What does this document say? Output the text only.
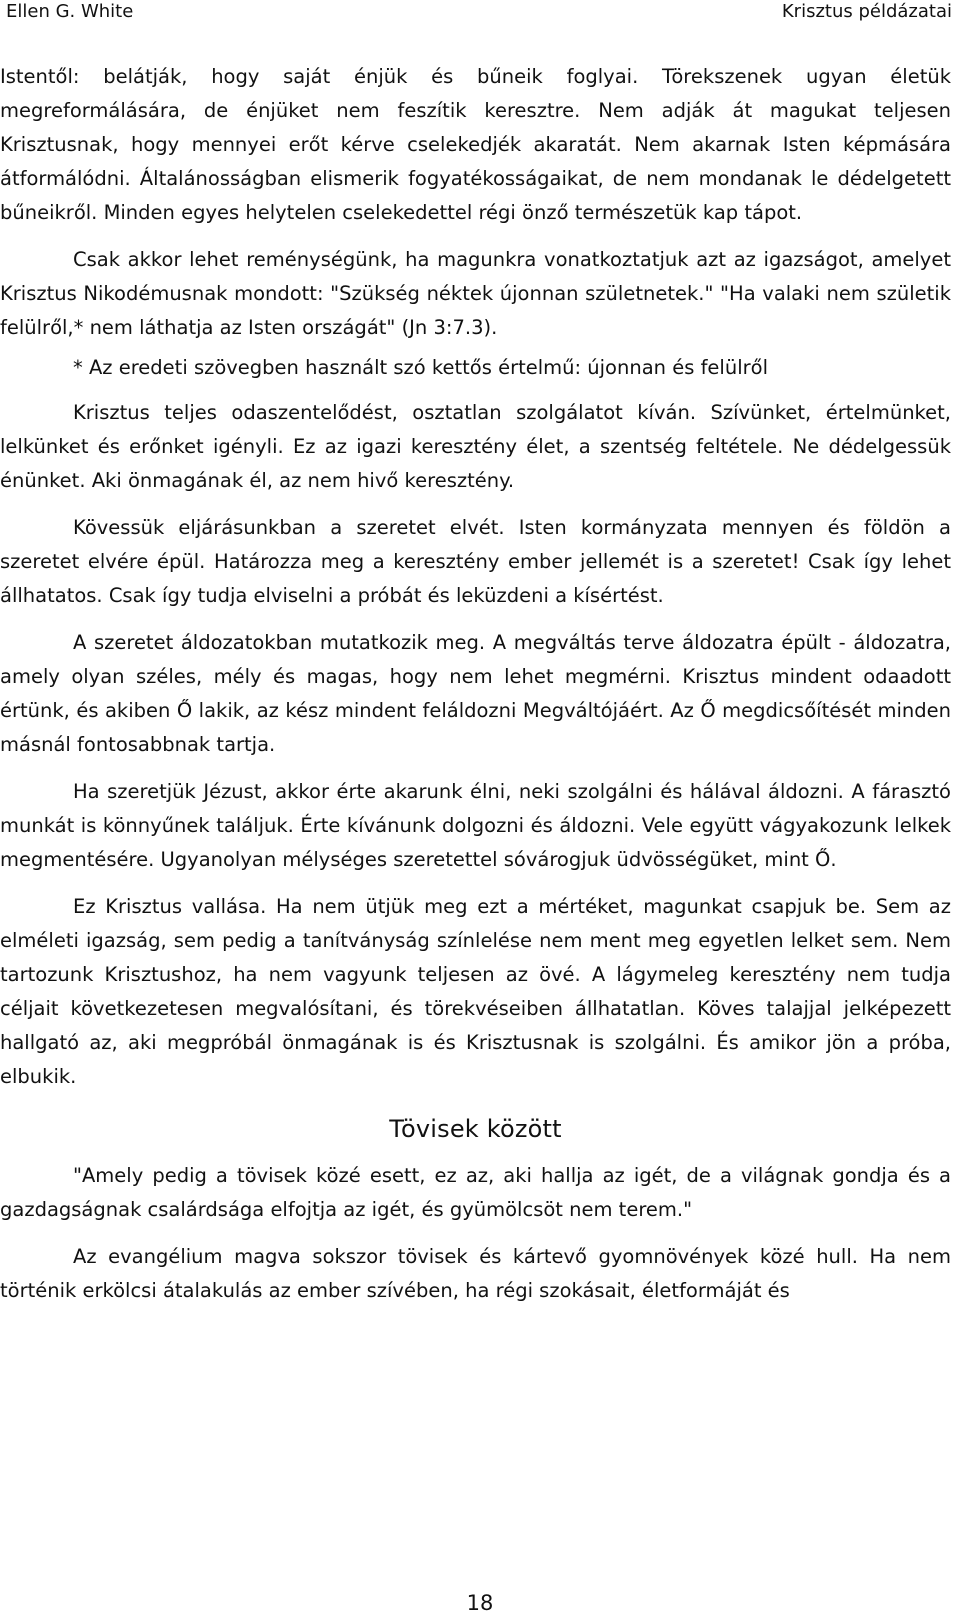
Ellen G. White	Krisztus példázatai

Istentől: belátják, hogy saját énjük és bűneik foglyai. Törekszenek ugyan életük megreformálására, de énjüket nem feszítik keresztre. Nem adják át magukat teljesen Krisztusnak, hogy mennyei erőt kérve cselekedjék akaratát. Nem akarnak Isten képmására átformálódni. Általánosságban elismerik fogyatékosságaikat, de nem mondanak le dédelgetett bűneikről. Minden egyes helytelen cselekedettel régi önző természetük kap tápot.

Csak akkor lehet reménységünk, ha magunkra vonatkoztatjuk azt az igazságot, amelyet Krisztus Nikodémusnak mondott: "Szükség néktek újonnan születnetek." "Ha valaki nem születik felülről,* nem láthatja az Isten országát" (Jn 3:7.3).

* Az eredeti szövegben használt szó kettős értelmű: újonnan és felülről

Krisztus teljes odaszentelődést, osztatlan szolgálatot kíván. Szívünket, értelmünket, lelkünket és erőnket igényli. Ez az igazi keresztény élet, a szentség feltétele. Ne dédelgessük énünket. Aki önmagának él, az nem hivő keresztény.

Kövessük eljárásunkban a szeretet elvét. Isten kormányzata mennyen és földön a szeretet elvére épül. Határozza meg a keresztény ember jellemét is a szeretet! Csak így lehet állhatatos. Csak így tudja elviselni a próbát és leküzdeni a kísértést.

A szeretet áldozatokban mutatkozik meg. A megváltás terve áldozatra épült - áldozatra, amely olyan széles, mély és magas, hogy nem lehet megmérni. Krisztus mindent odaadott értünk, és akiben Ő lakik, az kész mindent feláldozni Megváltójáért. Az Ő megdicsőítését minden másnál fontosabbnak tartja.

Ha szeretjük Jézust, akkor érte akarunk élni, neki szolgálni és hálával áldozni. A fárasztó munkát is könnyűnek találjuk. Érte kívánunk dolgozni és áldozni. Vele együtt vágyakozunk lelkek megmentésére. Ugyanolyan mélységes szeretettel sóvárogjuk üdvösségüket, mint Ő.

Ez Krisztus vallása. Ha nem ütjük meg ezt a mértéket, magunkat csapjuk be. Sem az elméleti igazság, sem pedig a tanítványság színlelése nem ment meg egyetlen lelket sem. Nem tartozunk Krisztushoz, ha nem vagyunk teljesen az övé. A lágymeleg keresztény nem tudja céljait következetesen megvalósítani, és törekvéseiben állhatatlan. Köves talajjal jelképezett hallgató az, aki megpróbál önmagának is és Krisztusnak is szolgálni. És amikor jön a próba, elbukik.

Tövisek között

"Amely pedig a tövisek közé esett, ez az, aki hallja az igét, de a világnak gondja és a gazdagságnak csalárdsága elfojtja az igét, és gyümölcsöt nem terem."

Az evangélium magva sokszor tövisek és kártevő gyomnövények közé hull. Ha nem történik erkölcsi átalakulás az ember szívében, ha régi szokásait, életformáját és

18
